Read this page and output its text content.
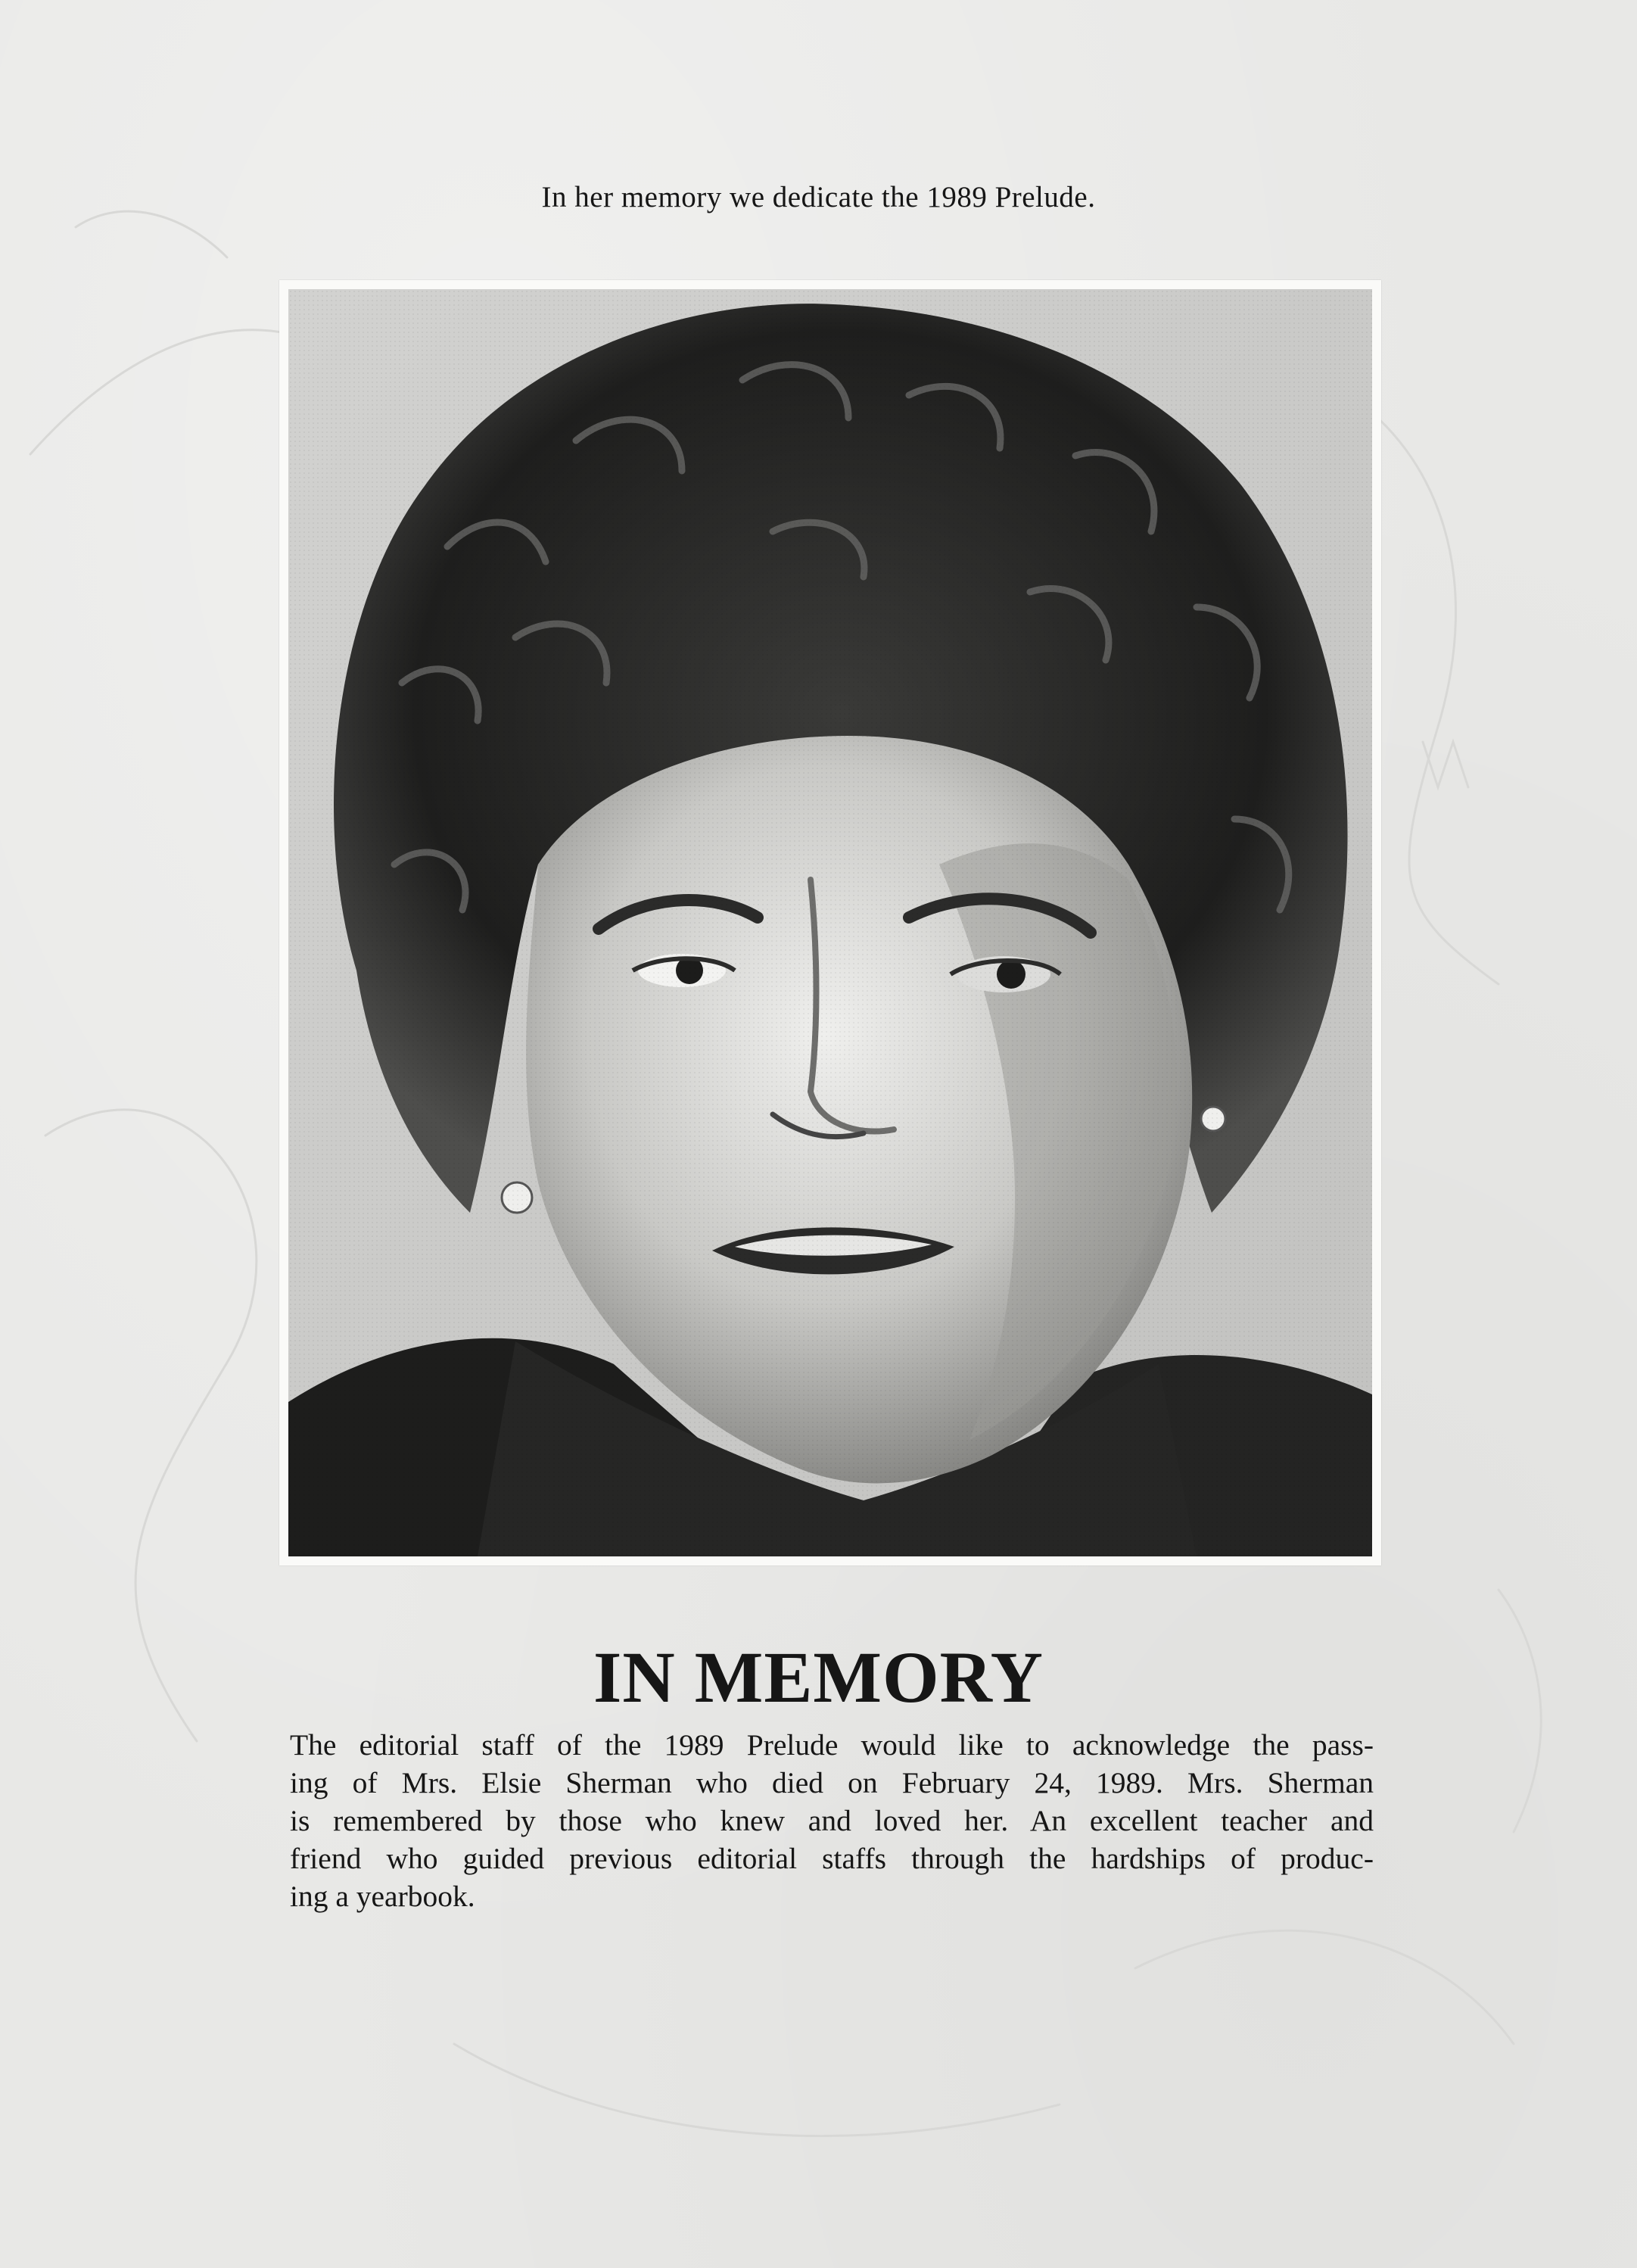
In her memory we dedicate the 1989 Prelude.
IN MEMORY
The editorial staff of the 1989 Prelude would like to acknowledge the pass-
ing of Mrs. Elsie Sherman who died on February 24, 1989. Mrs. Sherman
is remembered by those who knew and loved her. An excellent teacher and
friend who guided previous editorial staffs through the hardships of produc-
ing a yearbook.
